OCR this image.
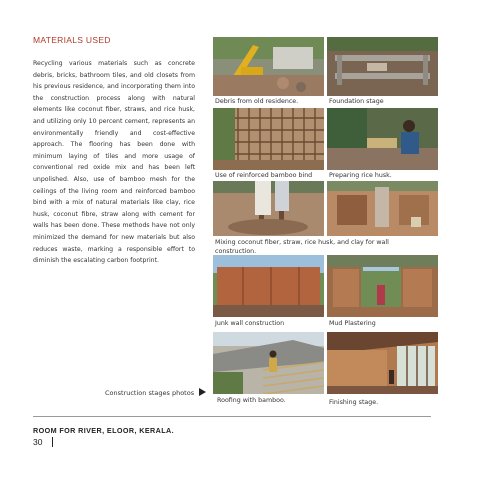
MATERIALS USED

Recycling various materials such as concrete debris, bricks, bathroom tiles, and old closets from his previous residence, and incorporating them into the construction process along with natural elements like coconut fiber, straws, and rice husk, and utilizing only 10 percent cement, represents an environmentally friendly and cost-effective approach. The flooring has been done with minimum laying of tiles and more usage of conventional red oxide mix and has been left unpolished. Also, use of bamboo mesh for the ceilings of the living room and reinforced bamboo bind with a mix of natural materials like clay, rice husk, coconut fibre, straw along with cement for walls has been done. These methods have not only minimized the demand for new materials but also reduces waste, marking a responsible effort to diminish the escalating carbon footprint.

Debris from old residence.	Foundation stage
Use of reinforced bamboo bind	Preparing rice husk.
Mixing coconut fiber, straw, rice husk, and clay for wall
construction.
Junk wall construction	Mud Plastering
Roofing with bamboo.	Finishing stage.
Construction stages photos
ROOM FOR RIVER, ELOOR, KERALA.
30
